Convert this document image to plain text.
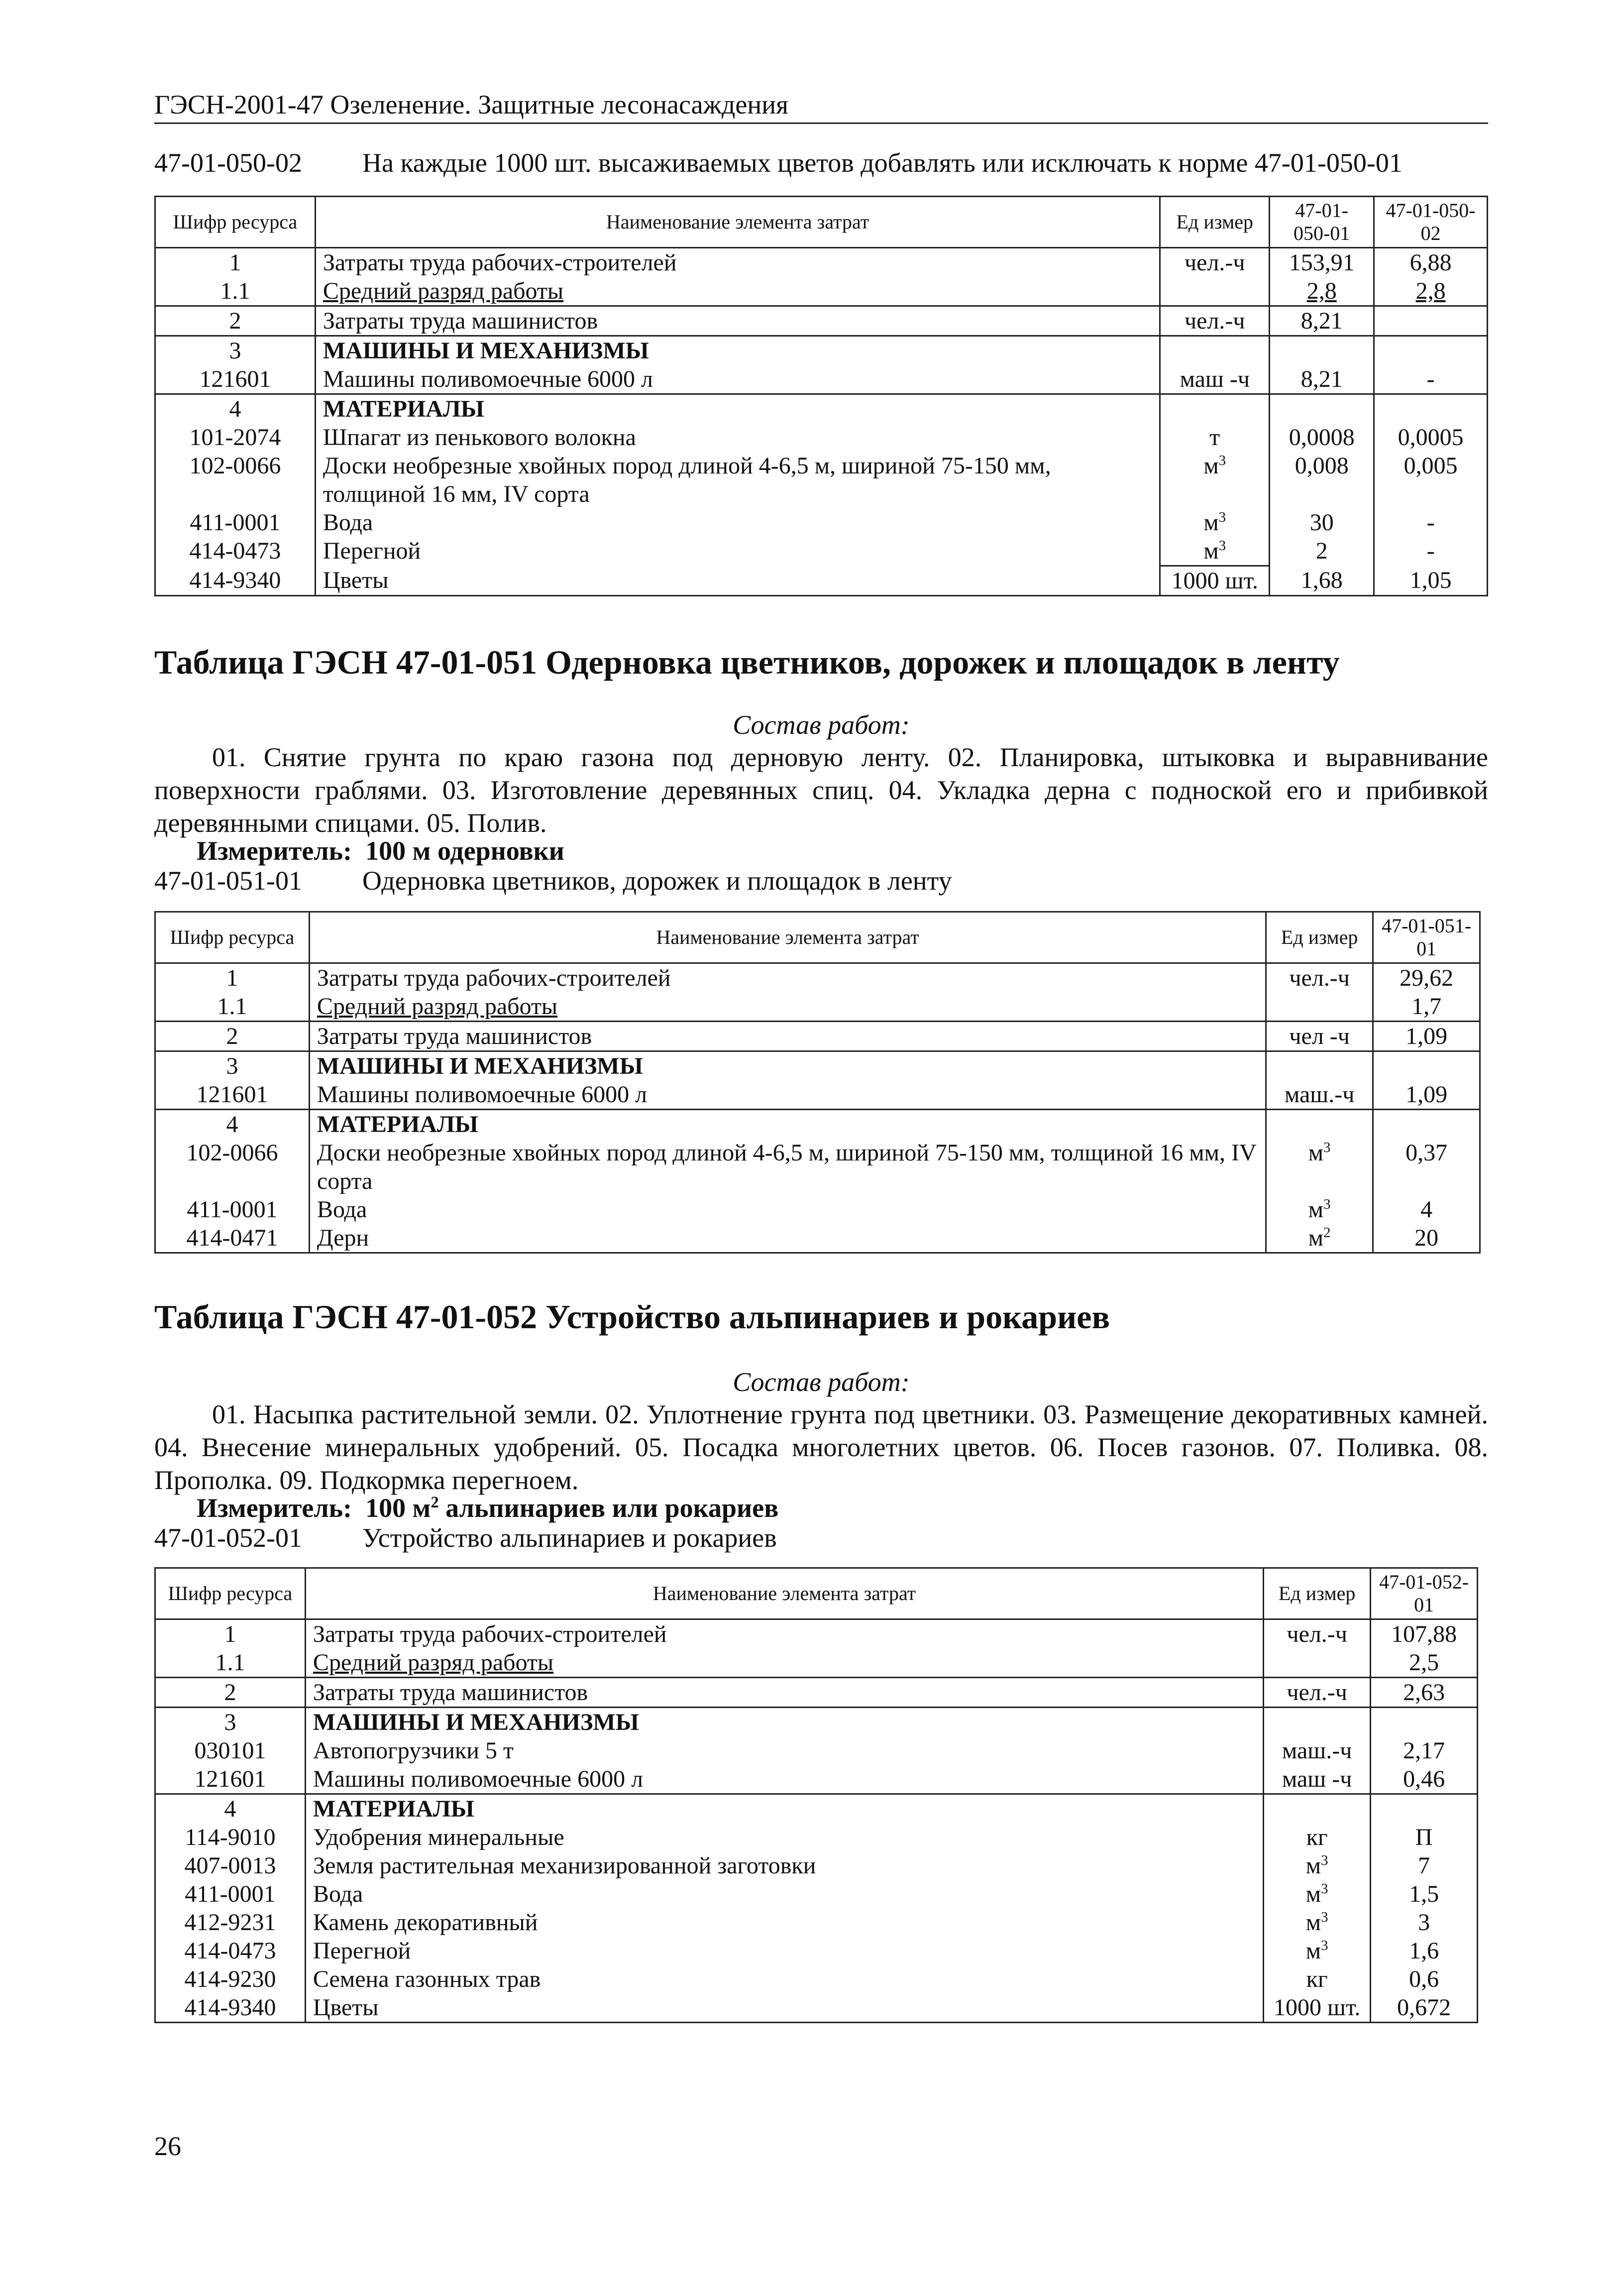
ГЭСН-2001-47 Озеленение. Защитные лесонасаждения
47-01-050-02 На каждые 1000 шт. высаживаемых цветов добавлять или исключать к норме 47-01-050-01
Шифр ресурса	Наименование элемента затрат	Ед измер	47-01-050-01	47-01-050-02
1	Затраты труда рабочих-строителей	чел.-ч	153,91	6,88
1.1	Средний разряд работы		2,8	2,8
2	Затраты труда машинистов	чел.-ч	8,21	
3	МАШИНЫ И МЕХАНИЗМЫ			
121601	Машины поливомоечные 6000 л	маш -ч	8,21	-
4	МАТЕРИАЛЫ			
101-2074	Шпагат из пенькового волокна	т	0,0008	0,0005
102-0066	Доски необрезные хвойных пород длиной 4-6,5 м, шириной 75-150 мм, толщиной 16 мм, IV сорта	$м^3$	0,008	0,005
411-0001	Вода	$м^3$	30	-
414-0473	Перегной	$м^3$	2	-
414-9340	Цветы	1000 шт.	1,68	1,05
Таблица ГЭСН 47-01-051 Одерновка цветников, дорожек и площадок в ленту
Состав работ:
01. Снятие грунта по краю газона под дерновую ленту. 02. Планировка, штыковка и выравнивание поверхности граблями. 03. Изготовление деревянных спиц. 04. Укладка дерна с подноской его и прибивкой деревянными спицами. 05. Полив.
Измеритель: 100 м одерновки
47-01-051-01 Одерновка цветников, дорожек и площадок в ленту
Шифр ресурса	Наименование элемента затрат	Ед измер	47-01-051-01
1	Затраты труда рабочих-строителей	чел.-ч	29,62
1.1	Средний разряд работы		1,7
2	Затраты труда машинистов	чел -ч	1,09
3	МАШИНЫ И МЕХАНИЗМЫ		
121601	Машины поливомоечные 6000 л	маш.-ч	1,09
4	МАТЕРИАЛЫ		
102-0066	Доски необрезные хвойных пород длиной 4-6,5 м, шириной 75-150 мм, толщиной 16 мм, IV сорта	$м^3$	0,37
411-0001	Вода	$м^3$	4
414-0471	Дерн	$м^2$	20
Таблица ГЭСН 47-01-052 Устройство альпинариев и рокариев
Состав работ:
01. Насыпка растительной земли. 02. Уплотнение грунта под цветники. 03. Размещение декоративных камней. 04. Внесение минеральных удобрений. 05. Посадка многолетних цветов. 06. Посев газонов. 07. Поливка. 08. Прополка. 09. Подкормка перегноем.
Измеритель: 100 $м^2$ альпинариев или рокариев
47-01-052-01 Устройство альпинариев и рокариев
Шифр ресурса	Наименование элемента затрат	Ед измер	47-01-052-01
1	Затраты труда рабочих-строителей	чел.-ч	107,88
1.1	Средний разряд работы		2,5
2	Затраты труда машинистов	чел.-ч	2,63
3	МАШИНЫ И МЕХАНИЗМЫ		
030101	Автопогрузчики 5 т	маш.-ч	2,17
121601	Машины поливомоечные 6000 л	маш -ч	0,46
4	МАТЕРИАЛЫ		
114-9010	Удобрения минеральные	кг	П
407-0013	Земля растительная механизированной заготовки	$м^3$	7
411-0001	Вода	$м^3$	1,5
412-9231	Камень декоративный	$м^3$	3
414-0473	Перегной	$м^3$	1,6
414-9230	Семена газонных трав	кг	0,6
414-9340	Цветы	1000 шт.	0,672
26
